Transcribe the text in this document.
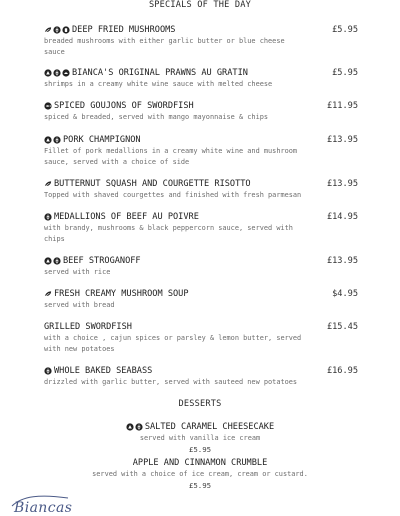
SPECIALS OF THE DAY
DEEP FRIED MUSHROOMS	£5.95
breaded mushrooms with either garlic butter or blue cheese
sauce
BIANCA'S ORIGINAL PRAWNS AU GRATIN	£5.95
shrimps in a creamy white wine sauce with melted cheese
SPICED GOUJONS OF SWORDFISH	£11.95
spiced & breaded, served with mango mayonnaise & chips
PORK CHAMPIGNON	£13.95
Fillet of pork medallions in a creamy white wine and mushroom
sauce, served with a choice of side
BUTTERNUT SQUASH AND COURGETTE RISOTTO	£13.95
Topped with shaved courgettes and finished with fresh parmesan
MEDALLIONS OF BEEF AU POIVRE	£14.95
with brandy, mushrooms & black peppercorn sauce, served with
chips
BEEF STROGANOFF	£13.95
served with rice
FRESH CREAMY MUSHROOM SOUP	$4.95
served with bread
GRILLED SWORDFISH	£15.45
with a choice , cajun spices or parsley & lemon butter, served
with new potatoes
WHOLE BAKED SEABASS	£16.95
drizzled with garlic butter, served with sauteed new potatoes
DESSERTS
SALTED CARAMEL CHEESECAKE
served with vanilla ice cream
£5.95
APPLE AND CINNAMON CRUMBLE
served with a choice of ice cream, cream or custard.
£5.95
Biancas
